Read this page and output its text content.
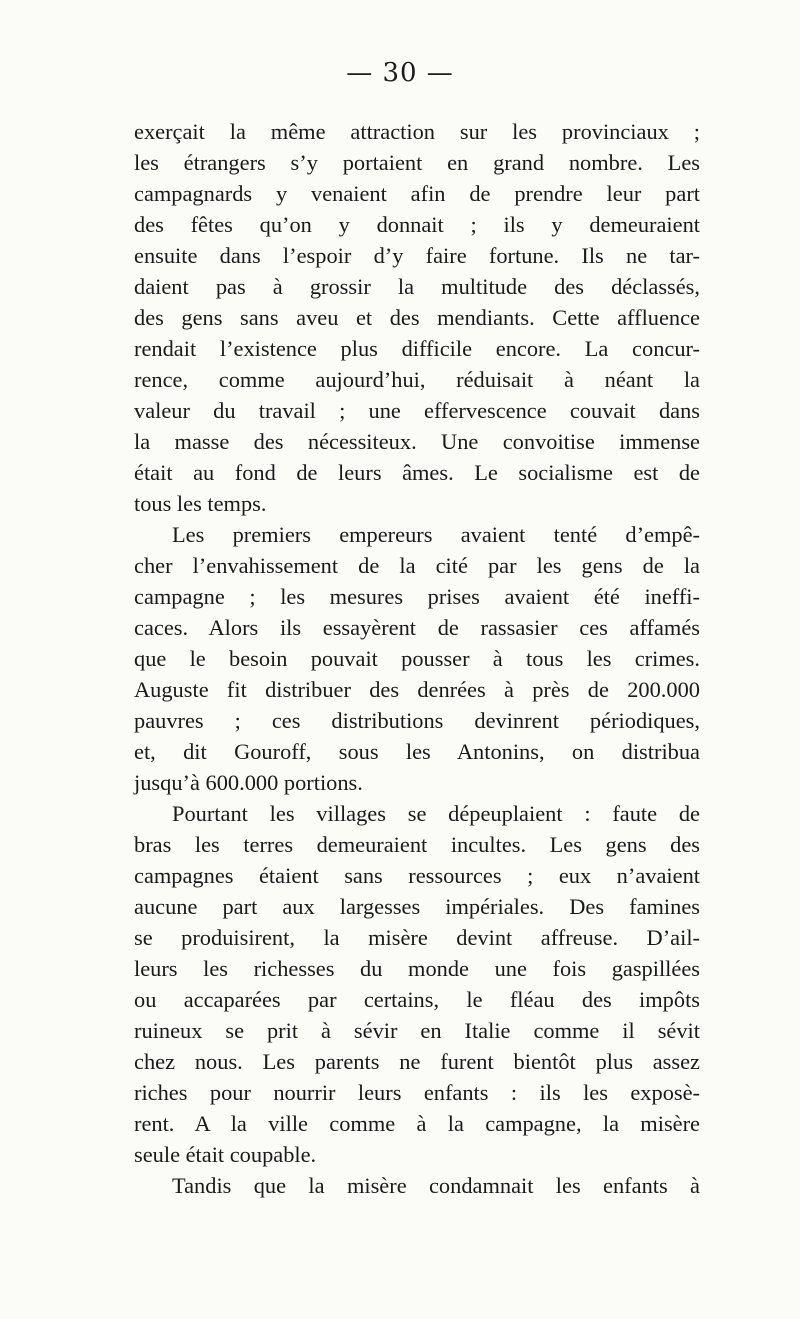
— 30 —
exerçait la même attraction sur les provinciaux ;
les étrangers s’y portaient en grand nombre. Les
campagnards y venaient afin de prendre leur part
des fêtes qu’on y donnait ; ils y demeuraient
ensuite dans l’espoir d’y faire fortune. Ils ne tar-
daient pas à grossir la multitude des déclassés,
des gens sans aveu et des mendiants. Cette affluence
rendait l’existence plus difficile encore. La concur-
rence, comme aujourd’hui, réduisait à néant la
valeur du travail ; une effervescence couvait dans
la masse des nécessiteux. Une convoitise immense
était au fond de leurs âmes. Le socialisme est de
tous les temps.
Les premiers empereurs avaient tenté d’empê-
cher l’envahissement de la cité par les gens de la
campagne ; les mesures prises avaient été ineffi-
caces. Alors ils essayèrent de rassasier ces affamés
que le besoin pouvait pousser à tous les crimes.
Auguste fit distribuer des denrées à près de 200.000
pauvres ; ces distributions devinrent périodiques,
et, dit Gouroff, sous les Antonins, on distribua
jusqu’à 600.000 portions.
Pourtant les villages se dépeuplaient : faute de
bras les terres demeuraient incultes. Les gens des
campagnes étaient sans ressources ; eux n’avaient
aucune part aux largesses impériales. Des famines
se produisirent, la misère devint affreuse. D’ail-
leurs les richesses du monde une fois gaspillées
ou accaparées par certains, le fléau des impôts
ruineux se prit à sévir en Italie comme il sévit
chez nous. Les parents ne furent bientôt plus assez
riches pour nourrir leurs enfants : ils les exposè-
rent. A la ville comme à la campagne, la misère
seule était coupable.
Tandis que la misère condamnait les enfants à
